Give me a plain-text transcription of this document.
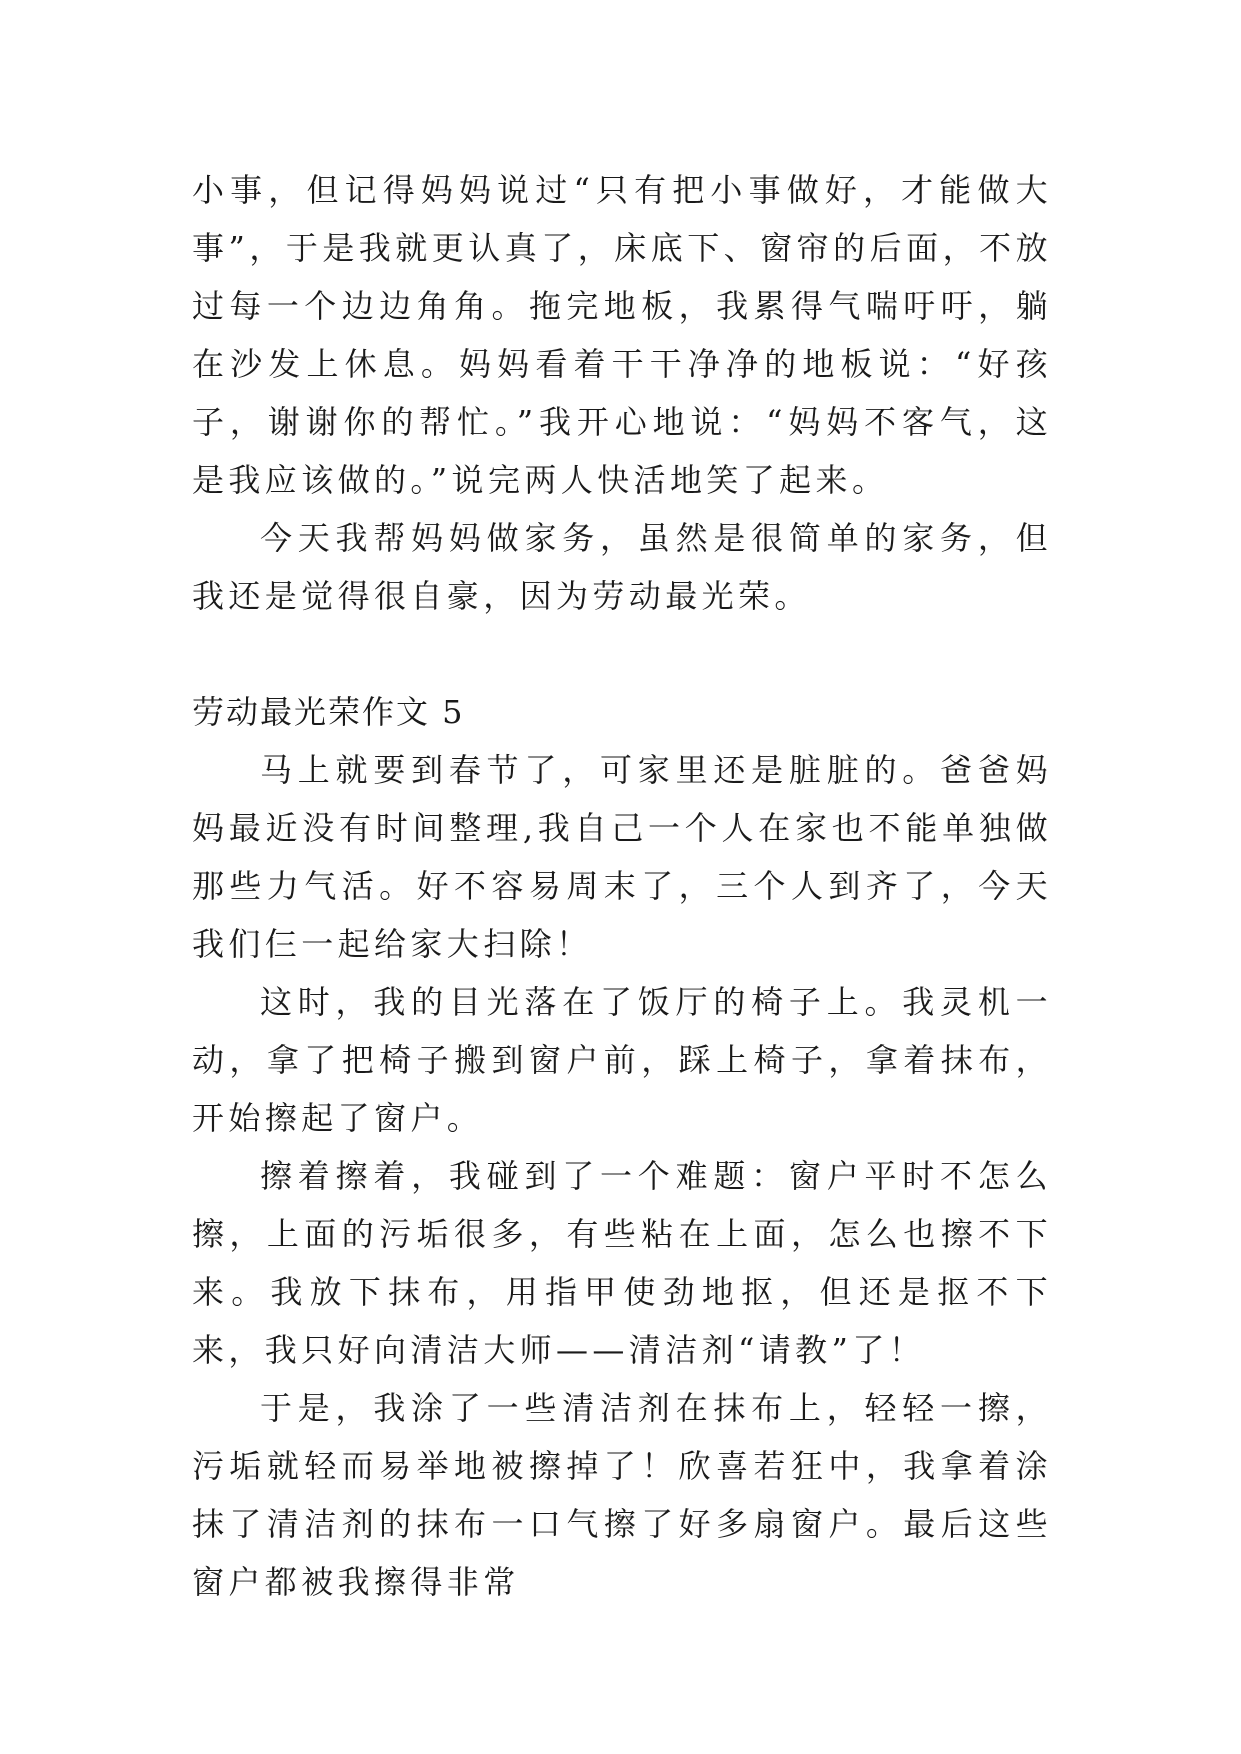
小事，但记得妈妈说过“只有把小事做好，才能做大事”，于是我就更认真了，床底下、窗帘的后面，不放过每一个边边角角。拖完地板，我累得气喘吁吁，躺在沙发上休息。妈妈看着干干净净的地板说：“好孩子，谢谢你的帮忙。”我开心地说：“妈妈不客气，这是我应该做的。”说完两人快活地笑了起来。

今天我帮妈妈做家务，虽然是很简单的家务，但我还是觉得很自豪，因为劳动最光荣。

劳动最光荣作文 5

马上就要到春节了，可家里还是脏脏的。爸爸妈妈最近没有时间整理,我自己一个人在家也不能单独做那些力气活。好不容易周末了，三个人到齐了，今天我们仨一起给家大扫除！

这时，我的目光落在了饭厅的椅子上。我灵机一动，拿了把椅子搬到窗户前，踩上椅子，拿着抹布，开始擦起了窗户。

擦着擦着，我碰到了一个难题：窗户平时不怎么擦，上面的污垢很多，有些粘在上面，怎么也擦不下来。我放下抹布，用指甲使劲地抠，但还是抠不下来，我只好向清洁大师——清洁剂“请教”了！

于是，我涂了一些清洁剂在抹布上，轻轻一擦，污垢就轻而易举地被擦掉了！欣喜若狂中，我拿着涂抹了清洁剂的抹布一口气擦了好多扇窗户。最后这些窗户都被我擦得非常
